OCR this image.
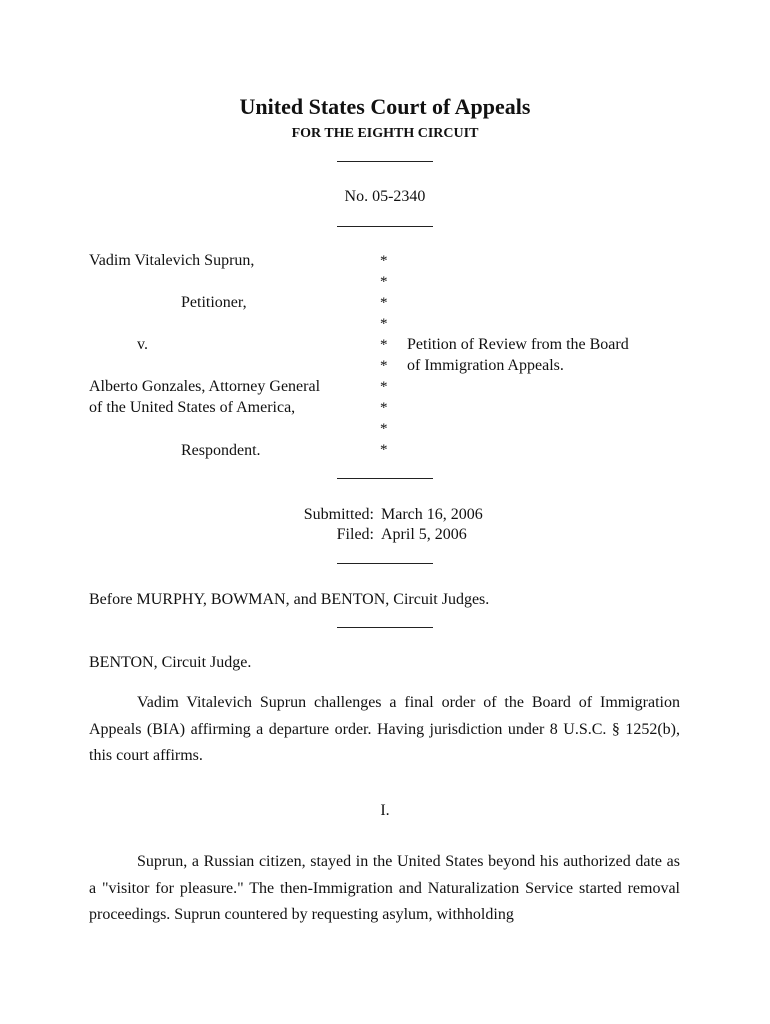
United States Court of Appeals
FOR THE EIGHTH CIRCUIT
No. 05-2340
Vadim Vitalevich Suprun,
Petitioner,
v.
Alberto Gonzales, Attorney General
of the United States of America,
Respondent.
*
*
*
*
*
*
*
*
*
*
Petition of Review from the Board
of Immigration Appeals.
Submitted: March 16, 2006
Filed: April 5, 2006
Before MURPHY, BOWMAN, and BENTON, Circuit Judges.
BENTON, Circuit Judge.
Vadim Vitalevich Suprun challenges a final order of the Board of Immigration Appeals (BIA) affirming a departure order. Having jurisdiction under 8 U.S.C. § 1252(b), this court affirms.
I.
Suprun, a Russian citizen, stayed in the United States beyond his authorized date as a "visitor for pleasure." The then-Immigration and Naturalization Service started removal proceedings. Suprun countered by requesting asylum, withholding
